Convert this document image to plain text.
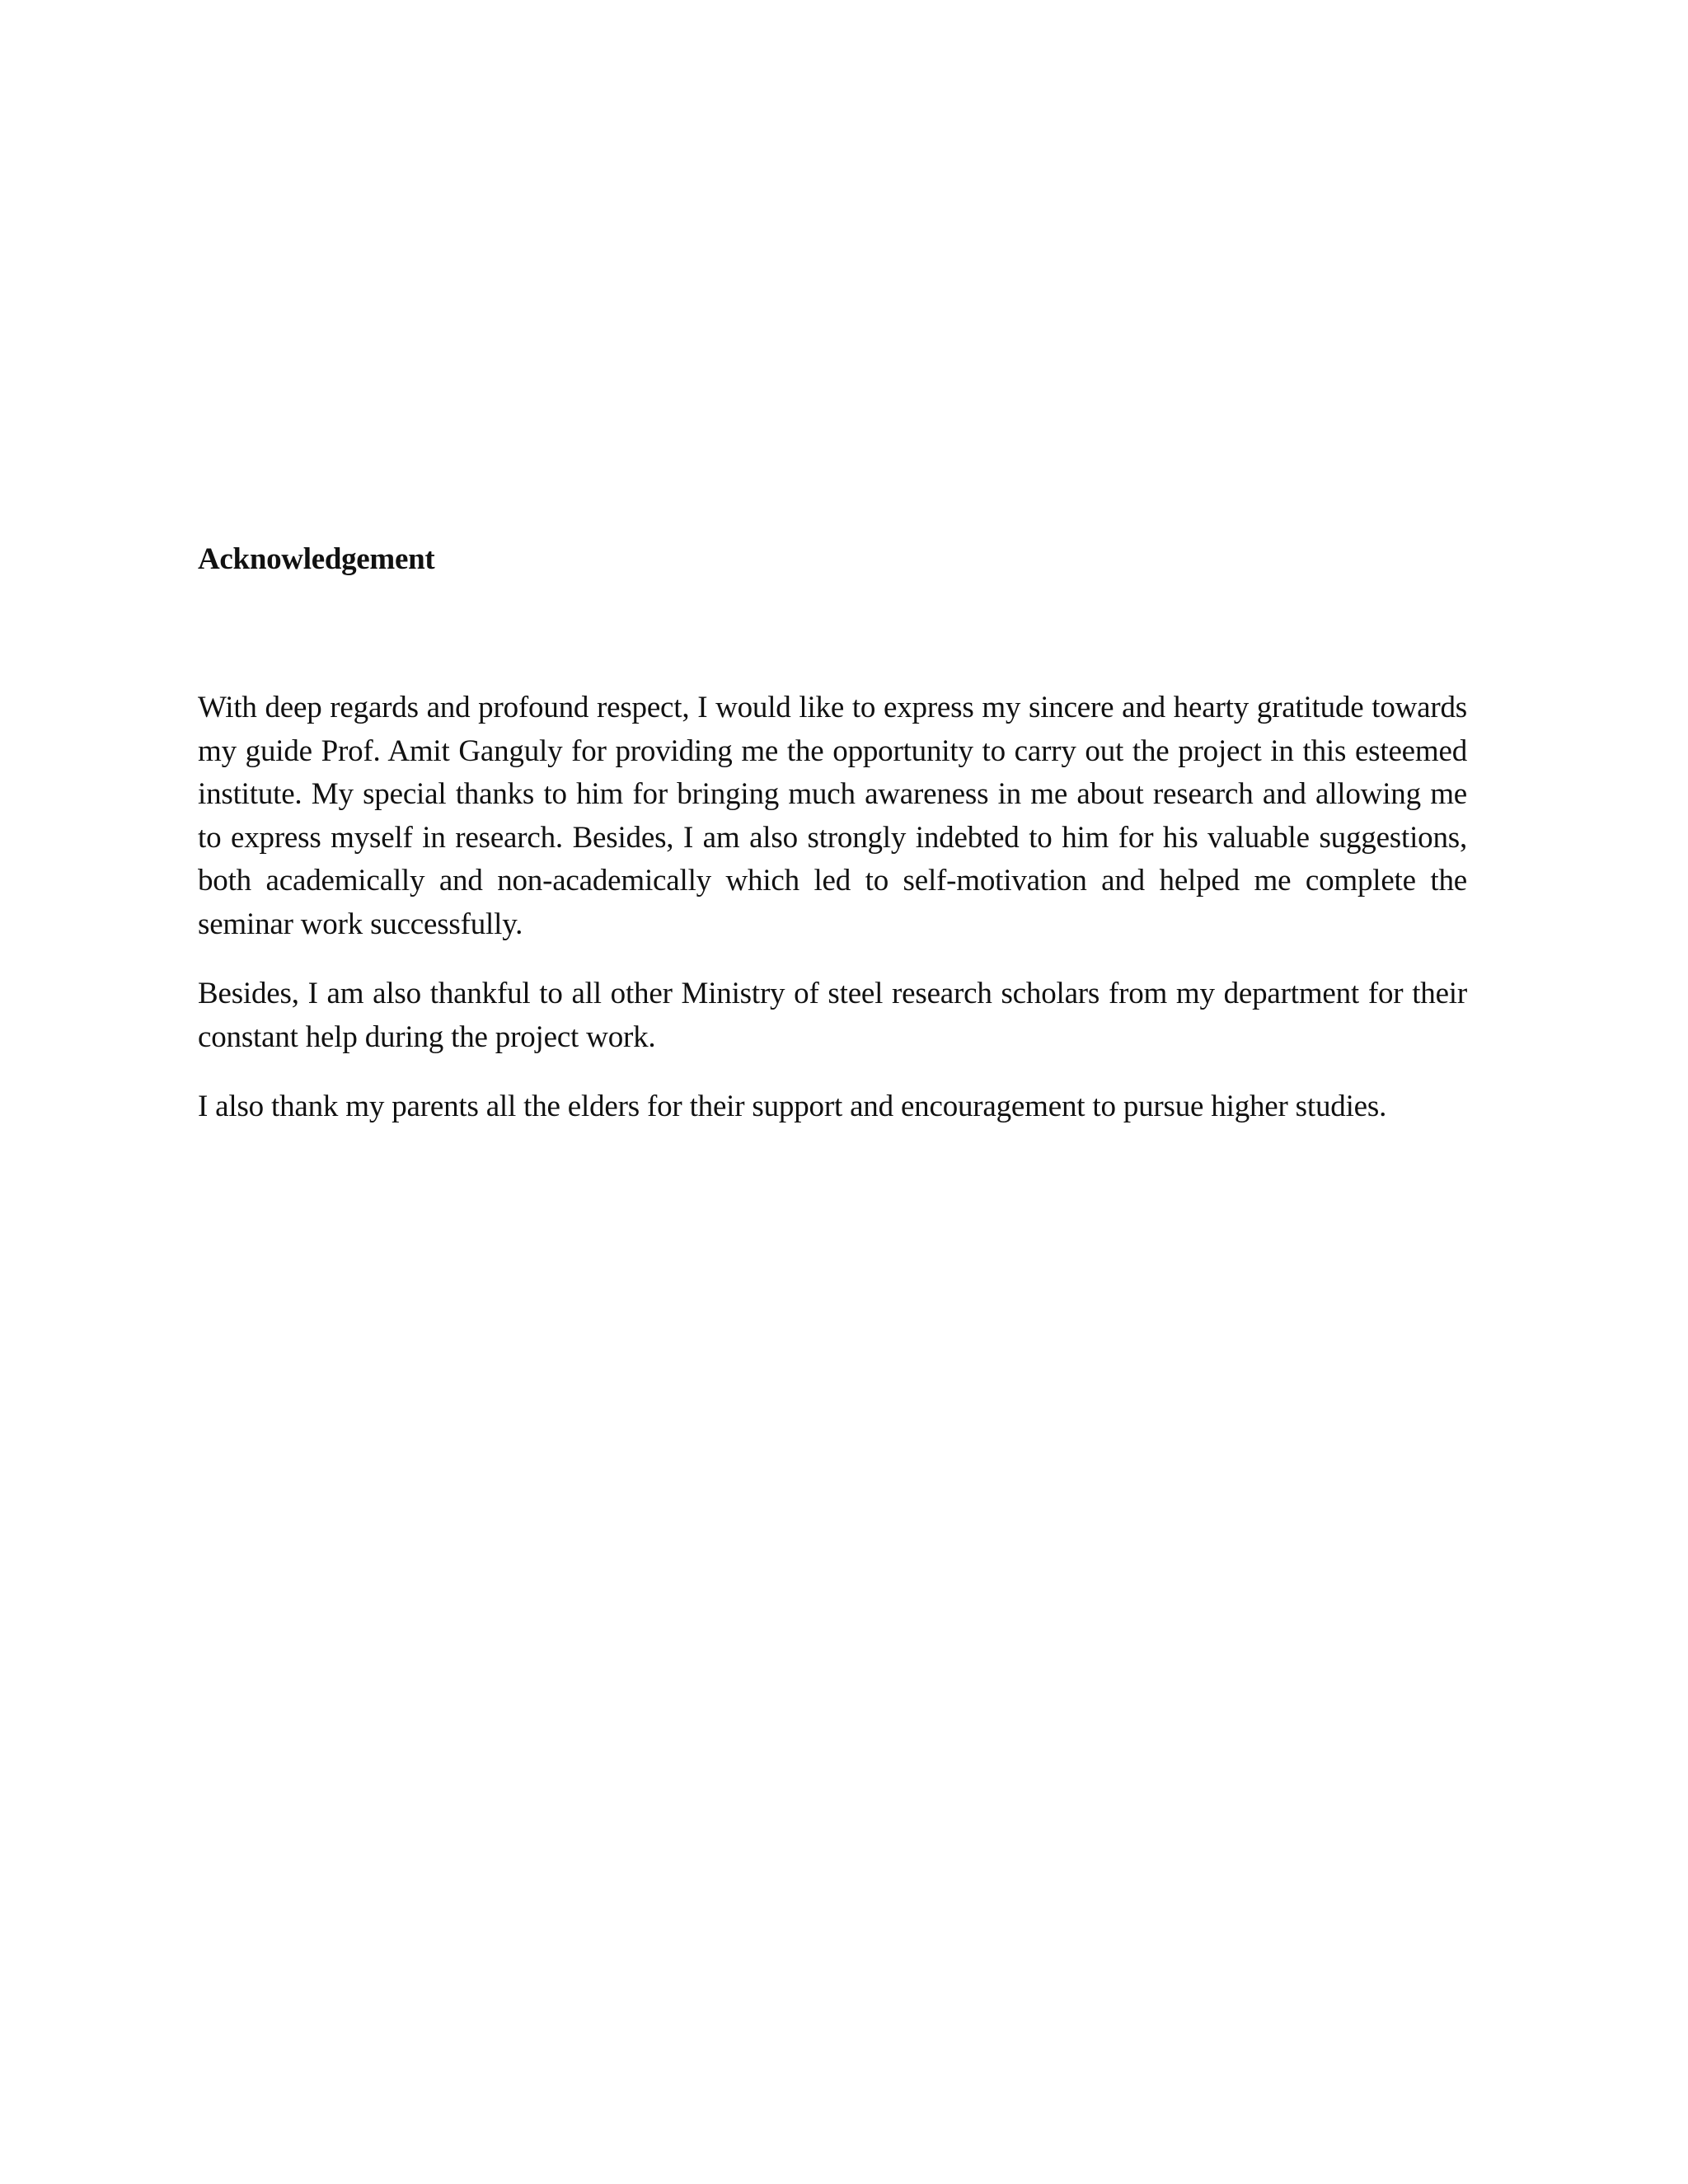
Acknowledgement

With deep regards and profound respect, I would like to express my sincere and hearty gratitude towards my guide Prof. Amit Ganguly for providing me the opportunity to carry out the project in this esteemed institute. My special thanks to him for bringing much awareness in me about research and allowing me to express myself in research. Besides, I am also strongly indebted to him for his valuable suggestions, both academically and non-academically which led to self-motivation and helped me complete the seminar work successfully.

Besides, I am also thankful to all other Ministry of steel research scholars from my department for their constant help during the project work.

I also thank my parents all the elders for their support and encouragement to pursue higher studies.
